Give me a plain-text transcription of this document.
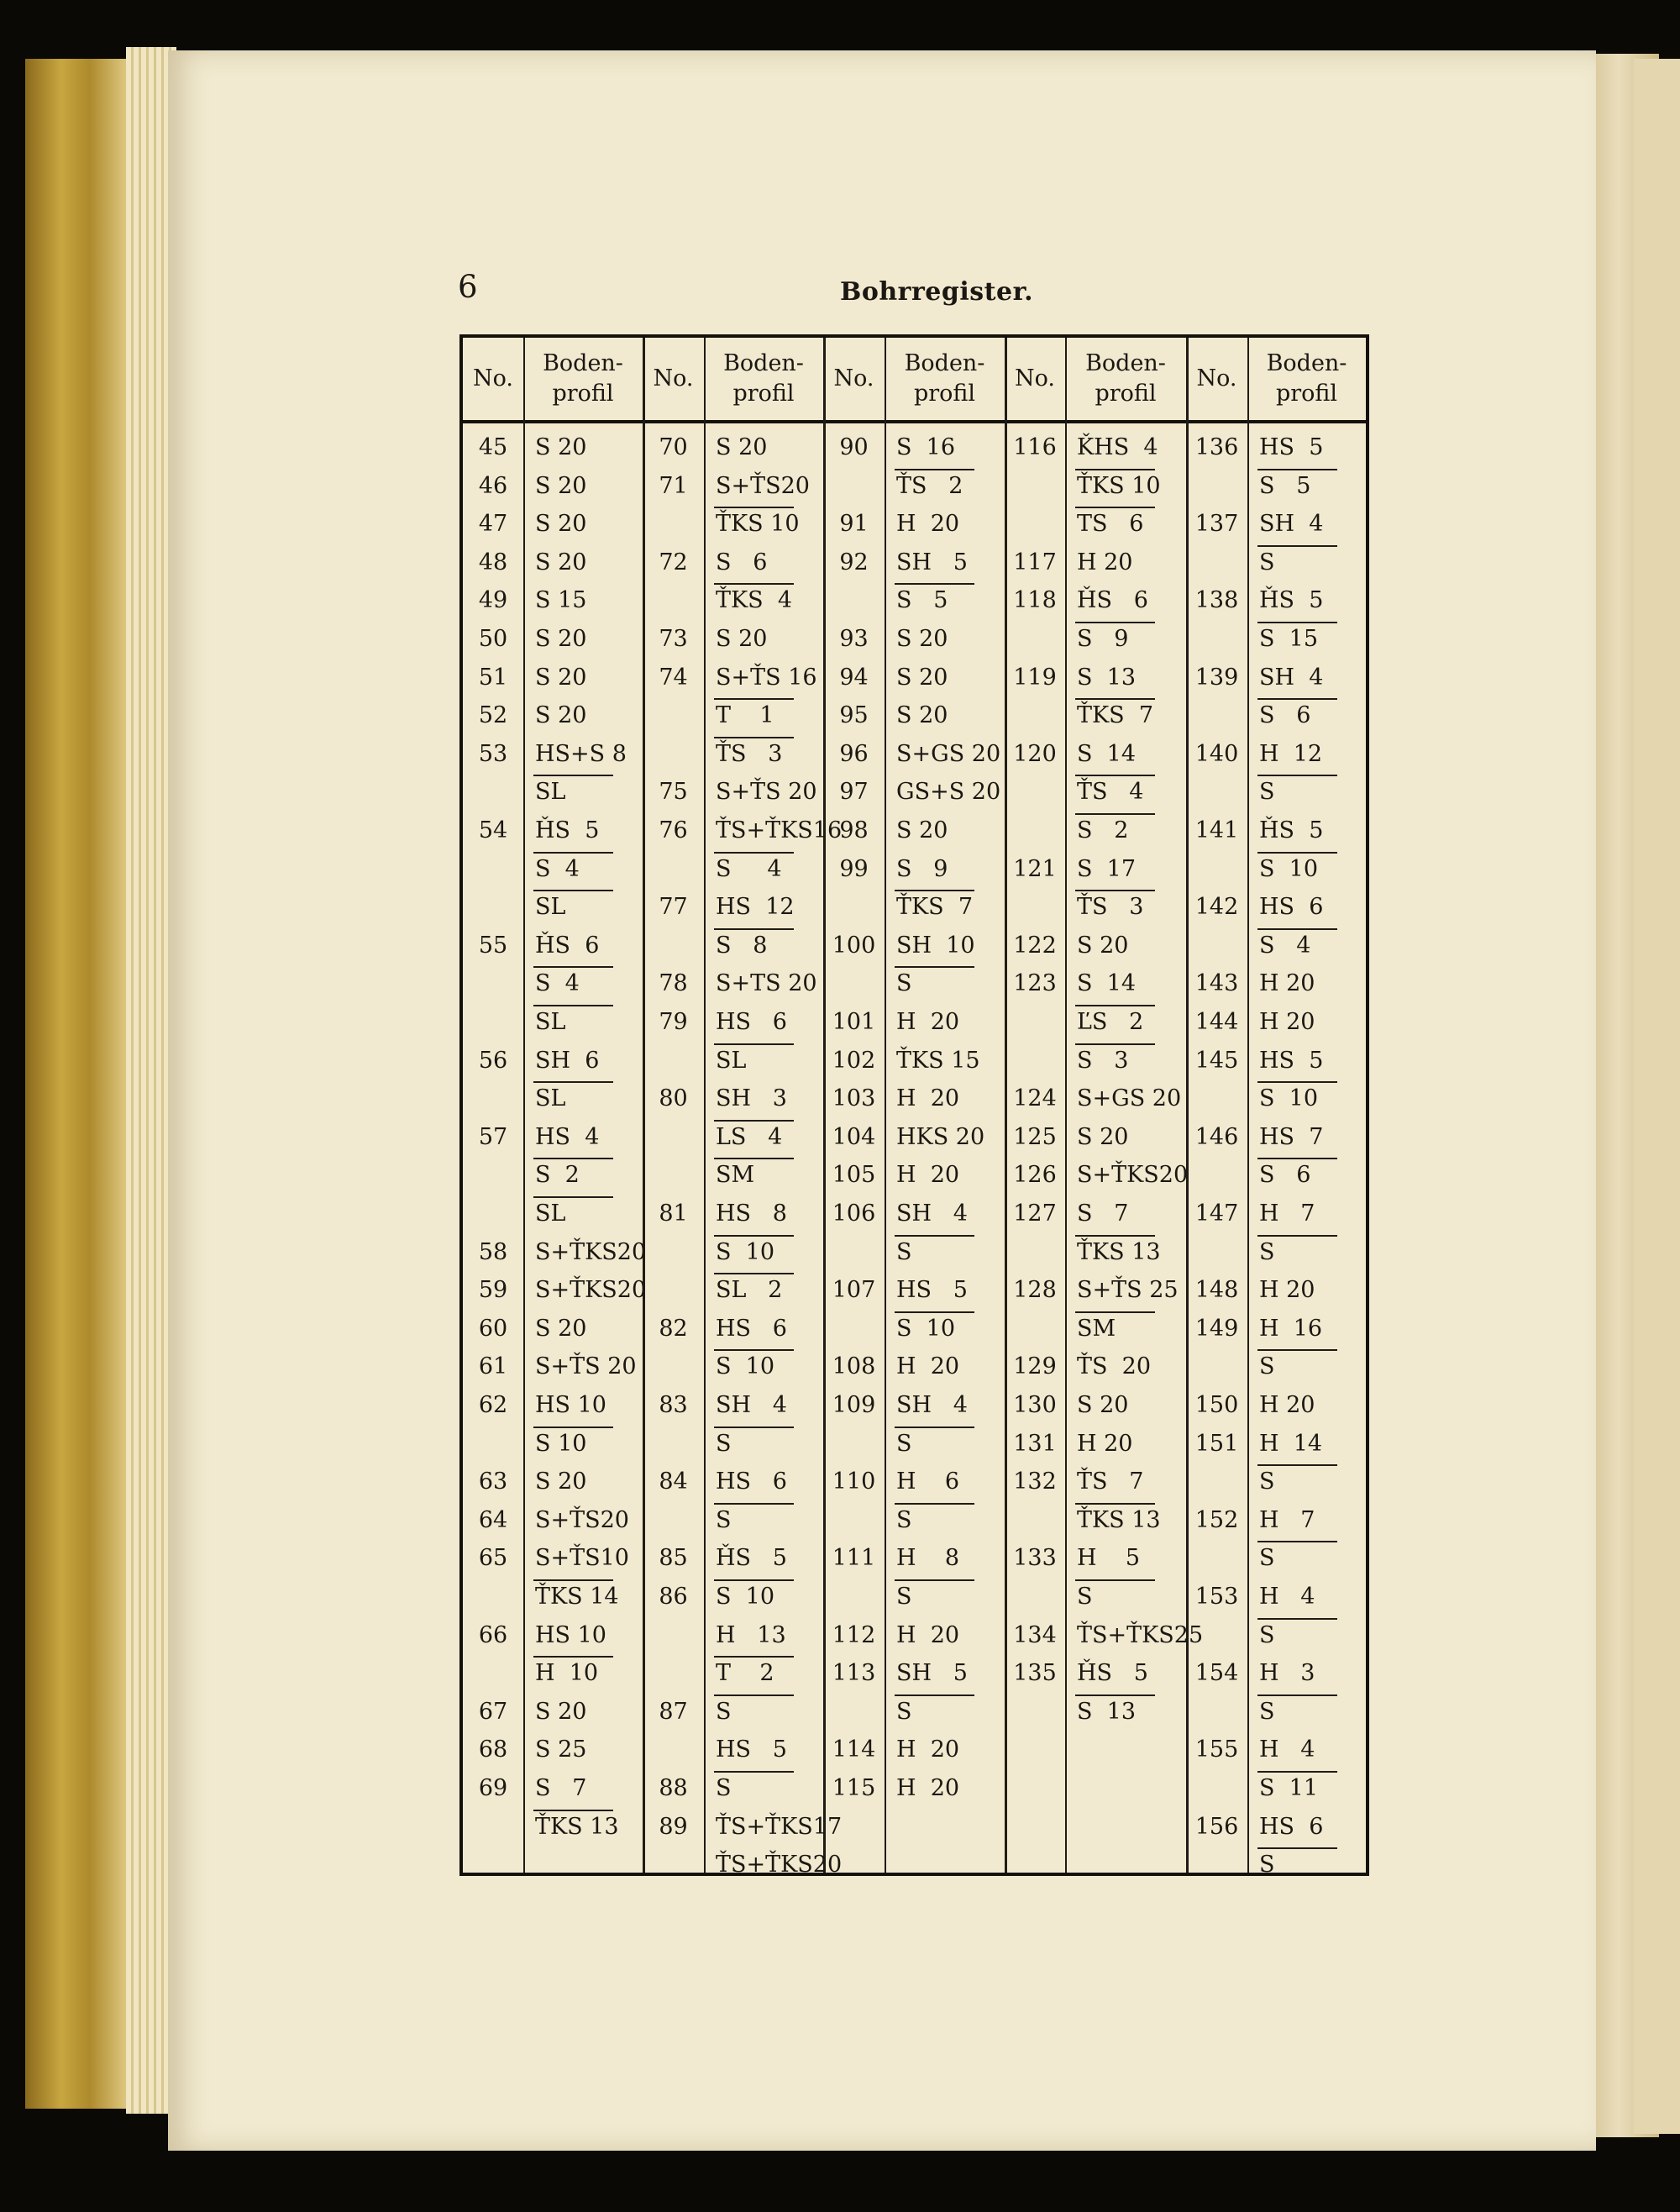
6	Bohrregister.
No.
Boden-
profil
45
46
47
48
49
50
51
52
53
54
55
56
57
58
59
60
61
62
63
64
65
66
67
68
69
S 20
S 20
S 20
S 20
S 15
S 20
S 20
S 20
HS+S 8
SL
ȞS  5
S  4
SL
ȞS  6
S  4
SL
SH  6
SL
HS  4
S  2
SL
S+ŤKS20
S+ŤKS20
S 20
S+ŤS 20
HS 10
S 10
S 20
S+ŤS20
S+ŤS10
ŤKS 14
HS 10
H  10
S 20
S 25
S   7
ŤKS 13
No.
Boden-
profil
70
71
72
73
74
75
76
77
78
79
80
81
82
83
84
85
86
87
88
89
S 20
S+ŤS20
ŤKS 10
S   6
ŤKS  4
S 20
S+ŤS 16
T    1
ŤS   3
S+ŤS 20
ŤS+ŤKS16
S     4
HS  12
S   8
S+TS 20
HS   6
SL
SH   3
LS   4
SM
HS   8
S  10
SL   2
HS   6
S  10
SH   4
S
HS   6
S
ȞS   5
S  10
H   13
T    2
S
HS   5
S
ŤS+ŤKS17
ŤS+ŤKS20
No.
Boden-
profil
90
91
92
93
94
95
96
97
98
99
100
101
102
103
104
105
106
107
108
109
110
111
112
113
114
115
S  16
ŤS   2
H  20
SH   5
S   5
S 20
S 20
S 20
S+GS 20
GS+S 20
S 20
S   9
ŤKS  7
SH  10
S
H  20
ŤKS 15
H  20
HKS 20
H  20
SH   4
S
HS   5
S  10
H  20
SH   4
S
H    6
S
H    8
S
H  20
SH   5
S
H  20
H  20
No.
Boden-
profil
116
117
118
119
120
121
122
123
124
125
126
127
128
129
130
131
132
133
134
135
ǨHS  4
ŤKS 10
TS   6
H 20
ȞS   6
S   9
S  13
ŤKS  7
S  14
ŤS   4
S   2
S  17
ŤS   3
S 20
S  14
ĽS   2
S   3
S+GS 20
S 20
S+ŤKS20
S   7
ŤKS 13
S+ŤS 25
SM
ŤS  20
S 20
H 20
ŤS   7
ŤKS 13
H    5
S
ŤS+ŤKS25
ȞS   5
S  13
No.
Boden-
profil
136
137
138
139
140
141
142
143
144
145
146
147
148
149
150
151
152
153
154
155
156
HS  5
S   5
SH  4
S
ȞS  5
S  15
SH  4
S   6
H  12
S
ȞS  5
S  10
HS  6
S   4
H 20
H 20
HS  5
S  10
HS  7
S   6
H   7
S
H 20
H  16
S
H 20
H  14
S
H   7
S
H   4
S
H   3
S
H   4
S  11
HS  6
S
